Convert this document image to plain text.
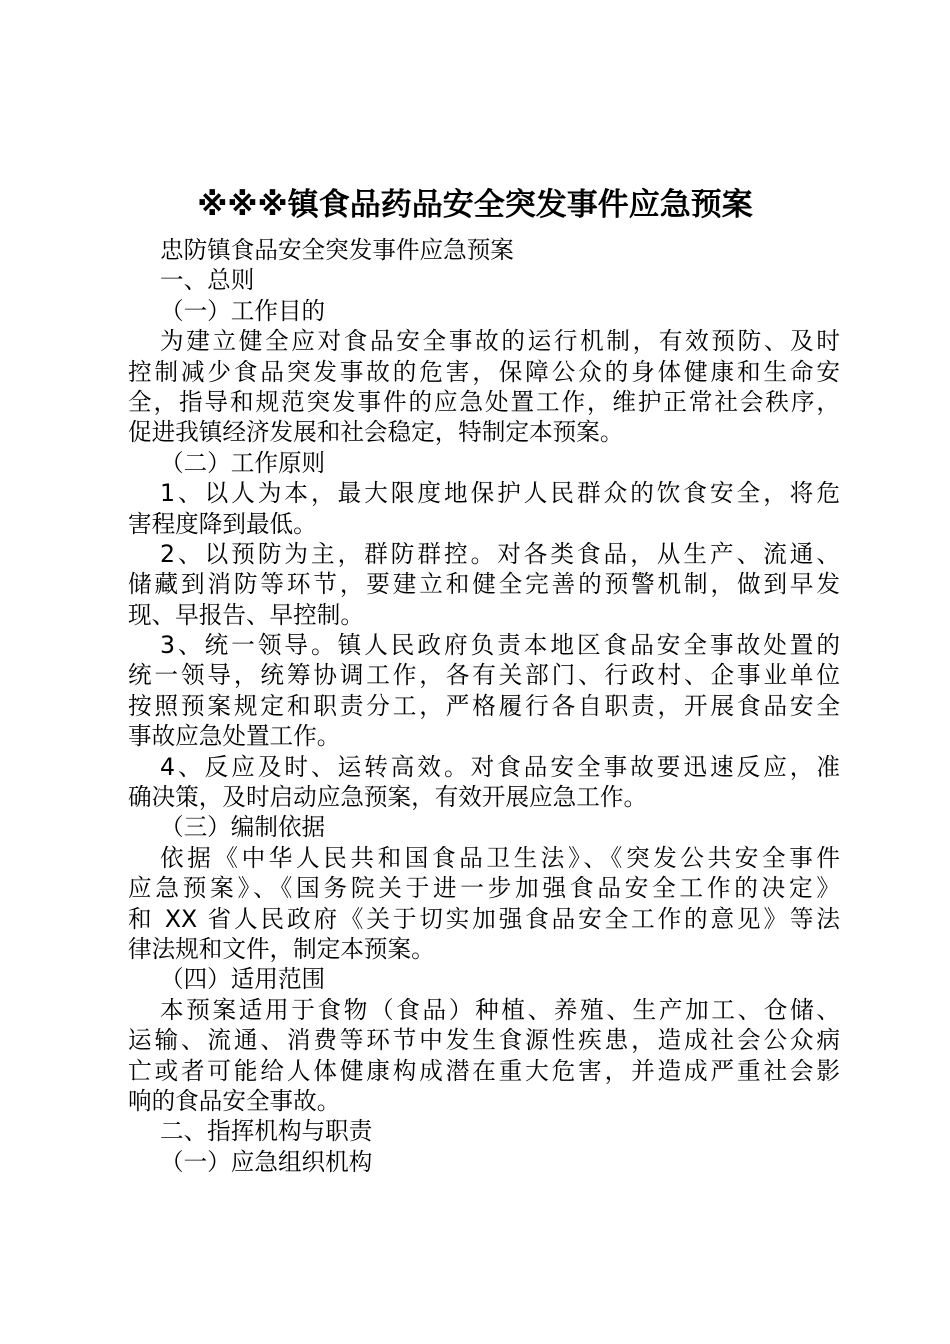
※※※镇食品药品安全突发事件应急预案
忠防镇食品安全突发事件应急预案
一、总则
（一）工作目的
为建立健全应对食品安全事故的运行机制，有效预防、及时
控制减少食品突发事故的危害，保障公众的身体健康和生命安
全，指导和规范突发事件的应急处置工作，维护正常社会秩序，
促进我镇经济发展和社会稳定，特制定本预案。
（二）工作原则
1、以人为本，最大限度地保护人民群众的饮食安全，将危
害程度降到最低。
2、以预防为主，群防群控。对各类食品，从生产、流通、
储藏到消防等环节，要建立和健全完善的预警机制，做到早发
现、早报告、早控制。
3、统一领导。镇人民政府负责本地区食品安全事故处置的
统一领导，统筹协调工作，各有关部门、行政村、企事业单位
按照预案规定和职责分工，严格履行各自职责，开展食品安全
事故应急处置工作。
4、反应及时、运转高效。对食品安全事故要迅速反应，准
确决策，及时启动应急预案，有效开展应急工作。
（三）编制依据
依据《中华人民共和国食品卫生法》、《突发公共安全事件
应急预案》、《国务院关于进一步加强食品安全工作的决定》
和 XX 省人民政府《关于切实加强食品安全工作的意见》等法
律法规和文件，制定本预案。
（四）适用范围
本预案适用于食物（食品）种植、养殖、生产加工、仓储、
运输、流通、消费等环节中发生食源性疾患，造成社会公众病
亡或者可能给人体健康构成潜在重大危害，并造成严重社会影
响的食品安全事故。
二、指挥机构与职责
（一）应急组织机构
